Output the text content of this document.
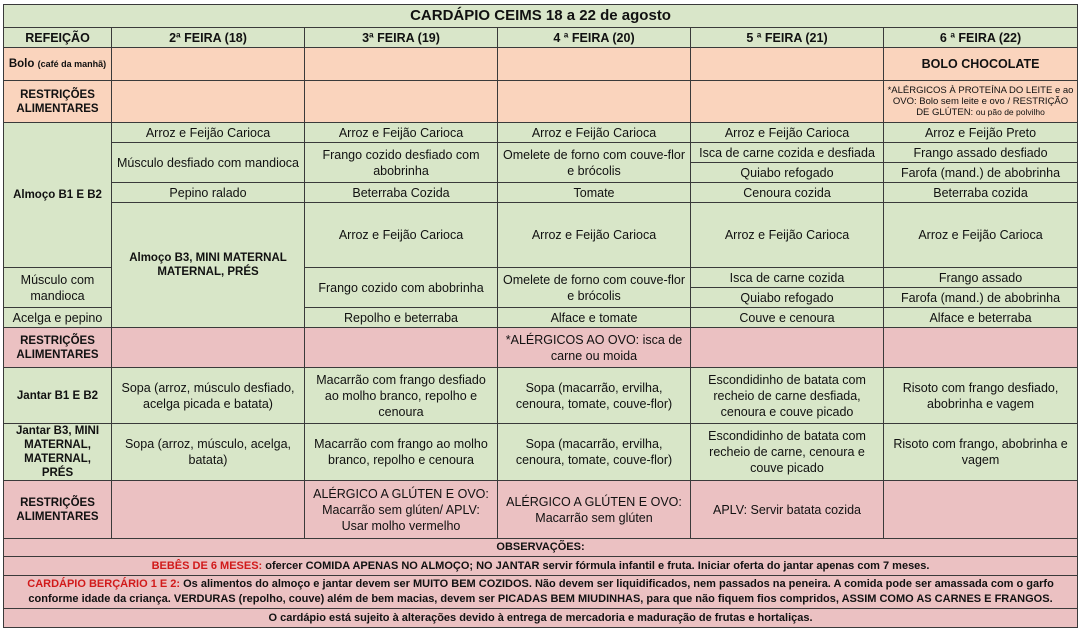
CARDÁPIO CEIMS 18 a 22 de agosto						
REFEIÇÃO	2ª FEIRA (18)	3ª FEIRA (19)	4 ª FEIRA (20)	5 ª FEIRA (21)	6 ª FEIRA (22)	
Bolo (café da manhã)					BOLO CHOCOLATE	
RESTRIÇÕES ALIMENTARES					*ALÉRGICOS À PROTEÍNA DO LEITE e ao OVO: Bolo sem leite e ovo / RESTRIÇÃO DE GLÚTEN: ou pão de polvilho	
Almoço B1 E B2	Arroz e Feijão Carioca	Arroz e Feijão Carioca	Arroz e Feijão Carioca	Arroz e Feijão Carioca	Arroz e Feijão Preto	
	Músculo desfiado com mandioca	Frango cozido desfiado com abobrinha	Omelete de forno com couve-flor e brócolis	Isca de carne cozida e desfiada	Frango assado desfiado	
				Quiabo refogado	Farofa (mand.) de abobrinha	
	Pepino ralado	Beterraba Cozida	Tomate	Cenoura cozida	Beterraba cozida	
	Almoço B3, MINI MATERNAL MATERNAL, PRÉS	Arroz e Feijão Carioca	Arroz e Feijão Carioca	Arroz e Feijão Carioca	Arroz e Feijão Carioca	
Músculo com mandioca		Frango cozido com abobrinha	Omelete de forno com couve-flor e brócolis	Isca de carne cozida	Frango assado	
				Quiabo refogado	Farofa (mand.) de abobrinha	
Acelga e pepino		Repolho e beterraba	Alface e tomate	Couve e cenoura	Alface e beterraba	
RESTRIÇÕES ALIMENTARES			*ALÉRGICOS AO OVO: isca de carne ou moida			
Jantar B1 E B2	Sopa (arroz, músculo desfiado, acelga picada e batata)	Macarrão com frango desfiado ao molho branco, repolho e cenoura	Sopa (macarrão, ervilha, cenoura, tomate, couve-flor)	Escondidinho de batata com recheio de carne desfiada, cenoura e couve picado	Risoto com frango desfiado, abobrinha e vagem	
Jantar B3, MINI MATERNAL, MATERNAL, PRÉS	Sopa (arroz, músculo, acelga, batata)	Macarrão com frango ao molho branco, repolho e cenoura	Sopa (macarrão, ervilha, cenoura, tomate, couve-flor)	Escondidinho de batata com recheio de carne, cenoura e couve picado	Risoto com frango, abobrinha e vagem	
RESTRIÇÕES ALIMENTARES		ALÉRGICO A GLÚTEN E OVO: Macarrão sem glúten/ APLV: Usar molho vermelho	ALÉRGICO A GLÚTEN E OVO: Macarrão sem glúten	APLV: Servir batata cozida		
OBSERVAÇÕES:						
BEBÊS DE 6 MESES: ofercer COMIDA APENAS NO ALMOÇO; NO JANTAR servir fórmula infantil e fruta. Iniciar oferta do jantar apenas com 7 meses.						
CARDÁPIO BERÇÁRIO 1 E 2: Os alimentos do almoço e jantar devem ser MUITO BEM COZIDOS. Não devem ser liquidificados, nem passados na peneira. A comida pode ser amassada com o garfo conforme idade da criança. VERDURAS (repolho, couve) além de bem macias, devem ser PICADAS BEM MIUDINHAS, para que não fiquem fios compridos, ASSIM COMO AS CARNES E FRANGOS.						
O cardápio está sujeito à alterações devido à entrega de mercadoria e maduração de frutas e hortaliças.						
